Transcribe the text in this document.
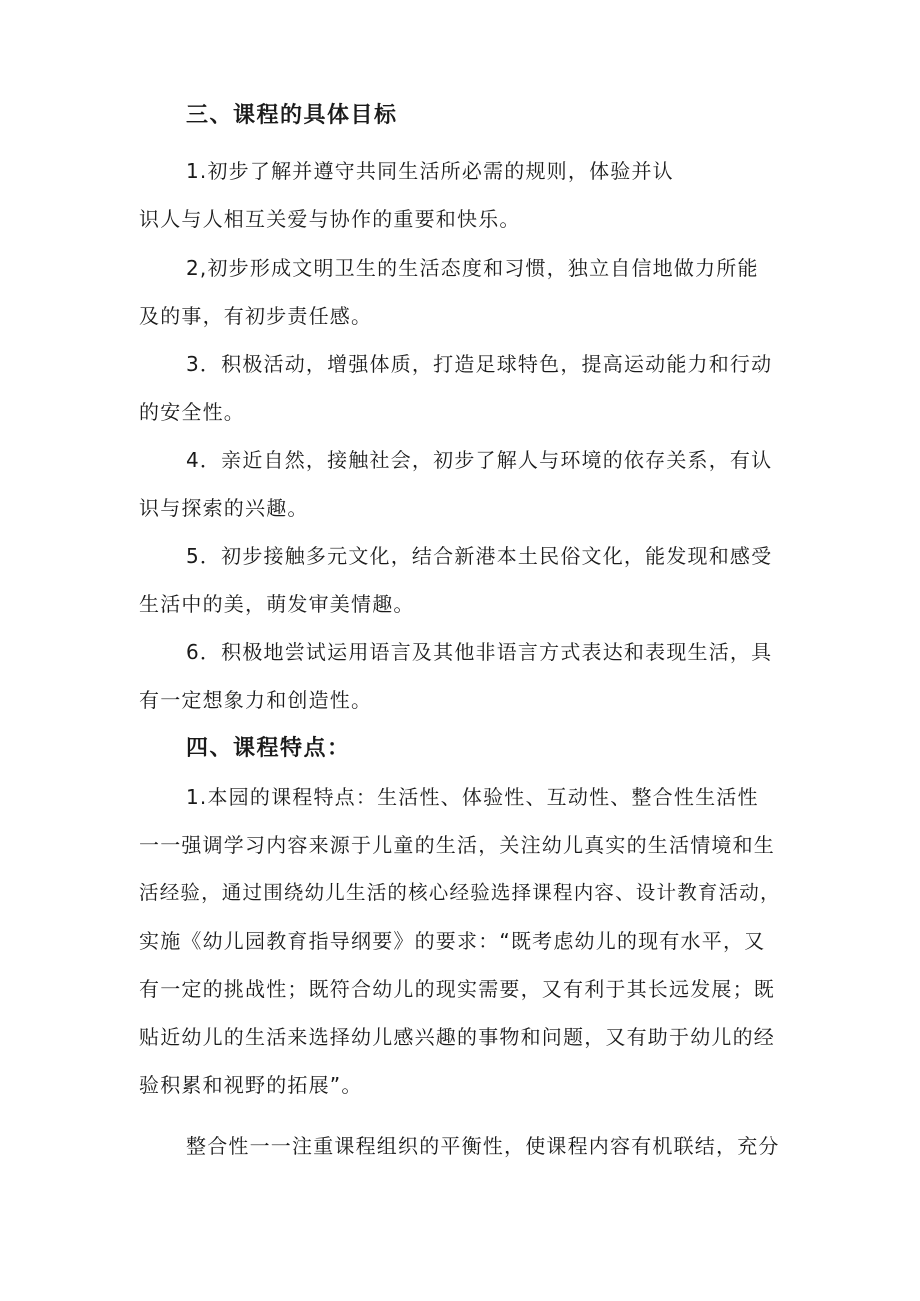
三、课程的具体目标
1.初步了解并遵守共同生活所必需的规则，体验并认
识人与人相互关爱与协作的重要和快乐。
2,初步形成文明卫生的生活态度和习惯，独立自信地做力所能
及的事，有初步责任感。
3．积极活动，增强体质，打造足球特色，提高运动能力和行动
的安全性。
4．亲近自然，接触社会，初步了解人与环境的依存关系，有认
识与探索的兴趣。
5．初步接触多元文化，结合新港本土民俗文化，能发现和感受
生活中的美，萌发审美情趣。
6．积极地尝试运用语言及其他非语言方式表达和表现生活，具
有一定想象力和创造性。
四、课程特点：
1.本园的课程特点：生活性、体验性、互动性、整合性生活性
一一强调学习内容来源于儿童的生活，关注幼儿真实的生活情境和生
活经验，通过围绕幼儿生活的核心经验选择课程内容、设计教育活动，
实施《幼儿园教育指导纲要》的要求：“既考虑幼儿的现有水平，又
有一定的挑战性；既符合幼儿的现实需要，又有利于其长远发展；既
贴近幼儿的生活来选择幼儿感兴趣的事物和问题，又有助于幼儿的经
验积累和视野的拓展”。
整合性一一注重课程组织的平衡性，使课程内容有机联结，充分
